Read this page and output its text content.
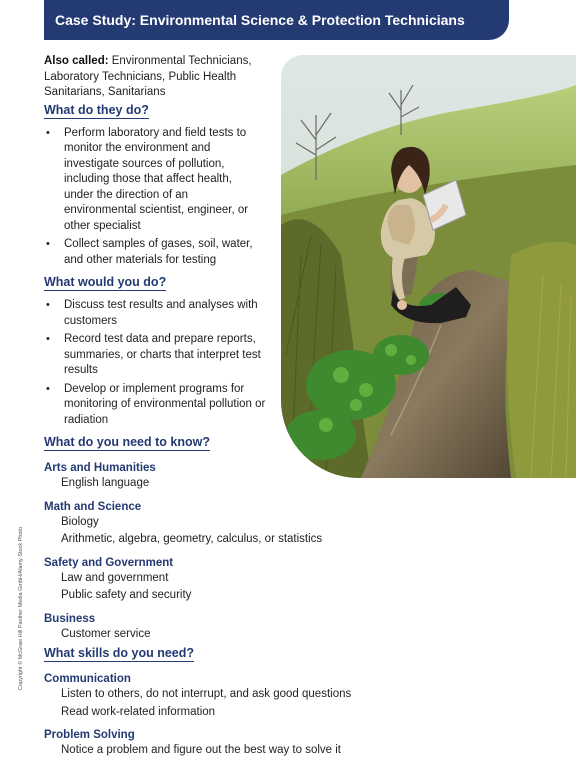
Case Study: Environmental Science & Protection Technicians

Also called: Environmental Technicians, Laboratory Technicians, Public Health Sanitarians, Sanitarians

What do they do?
• Perform laboratory and field tests to monitor the environment and investigate sources of pollution, including those that affect health, under the direction of an environmental scientist, engineer, or other specialist
• Collect samples of gases, soil, water, and other materials for testing
What would you do?
• Discuss test results and analyses with customers
• Record test data and prepare reports, summaries, or charts that interpret test results
• Develop or implement programs for monitoring of environmental pollution or radiation
What do you need to know?
Arts and Humanities
English language
Math and Science
Biology
Arithmetic, algebra, geometry, calculus, or statistics
Safety and Government
Law and government
Public safety and security
Business
Customer service
What skills do you need?
Communication
Listen to others, do not interrupt, and ask good questions
Read work-related information
Problem Solving
Notice a problem and figure out the best way to solve it
Copyright © McGraw Hill Panther Media GmbH/Alamy Stock Photo
